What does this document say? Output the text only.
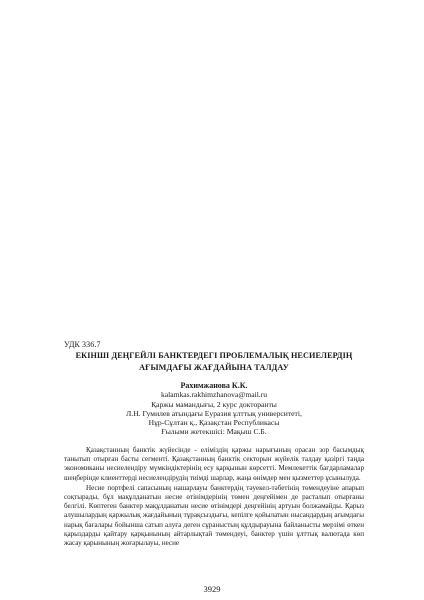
УДК 336.7
ЕКІНШІ ДЕҢГЕЙЛІ БАНКТЕРДЕГІ ПРОБЛЕМАЛЫҚ НЕСИЕЛЕРДІҢ
АҒЫМДАҒЫ ЖАҒДАЙЫНА ТАЛДАУ
Рахимжанова К.К.
kalamkas.rakhimzhanova@mail.ru
Қаржы мамандығы, 2 курс докторанты
Л.Н. Гумилев атындағы Еуразия ұлттық университеті,
Нұр-Сұлтан қ., Қазақстан Республикасы
Ғылыми жетекшісі: Мақыш С.Б.

Қазақстанның банктік жүйесінде - елімiздің қаржы нарығының орасан зор басымдық танытып отырған басты сегменті. Қазақстанның банктік секторын жүйелік талдау қазіргі таңда экономиканы несиелендіру мүмкіндіктерінің есу қарқынын көрсетті. Мемлекеттік бағдарламалар шеңберінде клиенттерді несиелендірудің тиімді шарлар, жаңа өнімдер мен қызметтер ұсынылуда.

Несие портфелі сапасының нашарлауы банктердің тәуекел-тәбетінің төмендеуіне апарып соқтырады, бұл мақұлданатын несие өтінімдерінің төмен деңгейімен де расталып отырғаны белгілі. Көптеген банктер мақұлданатын несие өтінімдері деңгейінің артуын болжамайды. Қарыз алушылардың қаржылық жағдайының тұрақсыздығы, кепілге қойылатын нысандардың ағымдағы нарық бағалары бойынша сатып алуға деген сұраныстың құлдырауына байланысты мерзімі өткен қарыздарды қайтару қарқынының айтарлықтай төмендеуі, банктер үшін ұлттық валютада көп жасау қарынының жоғарылауы, несие

3929
